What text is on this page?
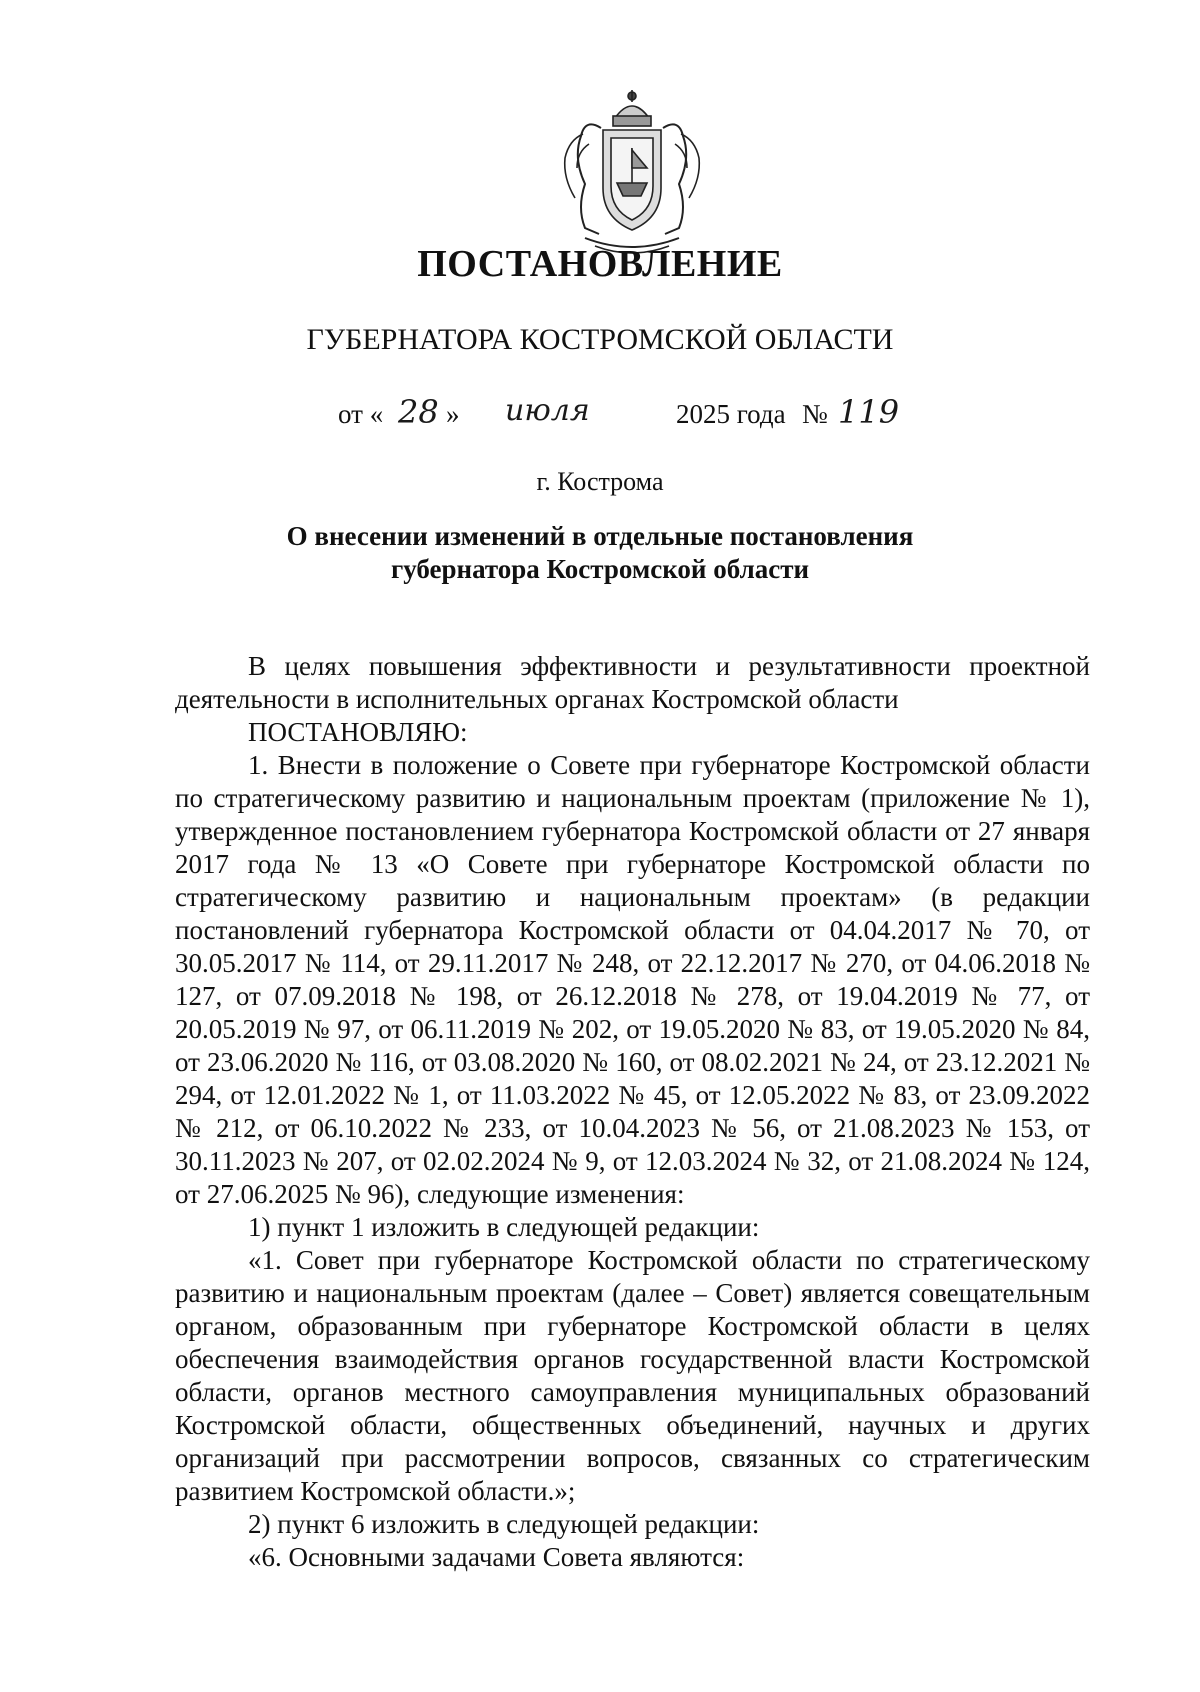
ПОСТАНОВЛЕНИЕ
ГУБЕРНАТОРА КОСТРОМСКОЙ ОБЛАСТИ
от « 28 » июля	2025 года № 119
г. Кострома
О внесении изменений в отдельные постановления
губернатора Костромской области

В целях повышения эффективности и результативности проектной деятельности в исполнительных органах Костромской области

ПОСТАНОВЛЯЮ:

1. Внести в положение о Совете при губернаторе Костромской области по стратегическому развитию и национальным проектам (приложение № 1), утвержденное постановлением губернатора Костромской области от 27 января 2017 года № 13 «О Совете при губернаторе Костромской области по стратегическому развитию и национальным проектам» (в редакции постановлений губернатора Костромской области от 04.04.2017 № 70, от 30.05.2017 № 114, от 29.11.2017 № 248, от 22.12.2017 № 270, от 04.06.2018 № 127, от 07.09.2018 № 198, от 26.12.2018 № 278, от 19.04.2019 № 77, от 20.05.2019 № 97, от 06.11.2019 № 202, от 19.05.2020 № 83, от 19.05.2020 № 84, от 23.06.2020 № 116, от 03.08.2020 № 160, от 08.02.2021 № 24, от 23.12.2021 № 294, от 12.01.2022 № 1, от 11.03.2022 № 45, от 12.05.2022 № 83, от 23.09.2022 № 212, от 06.10.2022 № 233, от 10.04.2023 № 56, от 21.08.2023 № 153, от 30.11.2023 № 207, от 02.02.2024 № 9, от 12.03.2024 № 32, от 21.08.2024 № 124, от 27.06.2025 № 96), следующие изменения:

1) пункт 1 изложить в следующей редакции:

«1. Совет при губернаторе Костромской области по стратегическому развитию и национальным проектам (далее – Совет) является совещательным органом, образованным при губернаторе Костромской области в целях обеспечения взаимодействия органов государственной власти Костромской области, органов местного самоуправления муниципальных образований Костромской области, общественных объединений, научных и других организаций при рассмотрении вопросов, связанных со стратегическим развитием Костромской области.»;

2) пункт 6 изложить в следующей редакции:

«6. Основными задачами Совета являются:
